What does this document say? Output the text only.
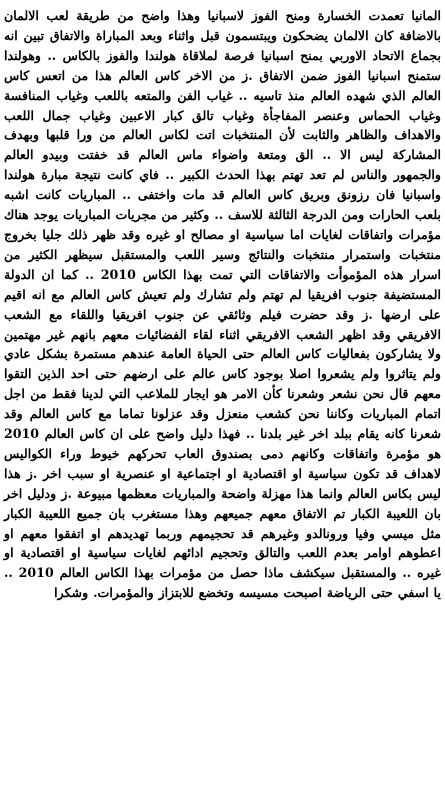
المانيا تعمدت الخسارة ومنح الفوز لاسبانيا وهذا واضح من طريقة لعب الالمان بالاضافة كان الالمان يضحكون ويبتسمون قبل واثناء وبعد المباراة والاتفاق تبين انه بجماع الاتحاد الاوربي بمنح اسبانيا فرصة لملاقاة هولندا والفوز بالكاس .. وهولندا ستمنح اسبانيا الفوز ضمن الاتفاق .ز من الاخر كاس العالم هذا من اتعس كاس العالم الذي شهده العالم منذ تاسيه .. غياب الفن والمتعه باللعب وغياب المنافسة وغياب الحماس وعنصر المفاجأة وغياب تالق كبار الاعبين وغياب جمال اللعب والاهداف والظاهر والثابت لأن المنتخبات اتت لكاس العالم من ورا قلبها وبهدف المشاركة ليس الا .. الق ومتعة واضواء ماس العالم قد خفتت وبيدو العالم والجمهور والناس لم تعد تهتم بهذا الحدث الكبير .. فاي كانت نتيجة مبارة هولندا واسبانيا فان رزونق وبريق كاس العالم قد مات واختفى .. المباريات كانت اشبه بلعب الحارات ومن الدرجة الثالثة للاسف .. وكثير من مجريات المباريات يوجد هناك مؤمرات واتفاقات لغايات اما سياسية او مصالح او غيره وقد ظهر ذلك جليا بخروج منتخبات واستمرار منتخبات والنتائج وسير اللعب والمستقبل سيظهر الكثير من اسرار هذه المؤموأت والاتفاقات التي تمت بهذا الكاس 2010 .. كما ان الدولة المستضيفة جنوب افريقيا لم تهتم ولم تشارك ولم تعيش كاس العالم مع انه اقيم على ارضها .ز وقد حضرت فيلم وثائقي عن جنوب افريقيا واللقاء مع الشعب الافريقي وقد اظهر الشعب الافريقي اثناء لقاء الفضائيات معهم بانهم غير مهتمين ولا يشاركون بفعاليات كاس العالم حتى الحياة العامة عندهم مستمرة بشكل عادي ولم يتاثروا ولم يشعروا اصلا بوجود كاس عالم على ارضهم حتى احد الذين التقوا معهم قال نحن نشعر وشعرنا كأن الامر هو ايجار للملاعب التي لدينا فقط من اجل اتمام المباريات وكاننا نحن كشعب منعزل وقد عزلونا تماما مع كاس العالم وقد شعرنا كانه يقام ببلد اخر غير بلدنا .. فهذا دليل واضح على ان كاس العالم 2010 هو مؤمرة واتفاقات وكانهم دمى بصندوق العاب تحركهم خيوط وراء الكواليس لاهداف قد تكون سياسية او اقتصادية او اجتماعية او عنصرية او سبب اخر .ز هذا ليس بكاس العالم وانما هذا مهزلة واضحة والمباريات معظمها مبيوعة .ز ودليل اخر بان اللعيبة الكبار تم الاتفاق معهم جميعهم وهذا مستغرب بان جميع اللعيبة الكبار مثل ميسي وفيا ورونالدو وغيرهم قد تحجيمهم وربما تهديدهم او اتفقوا معهم او اعطوهم اوامر بعدم اللعب والتالق وتحجيم ادائهم لغايات سياسية او اقتصادية او غيره .. والمستقبل سيكشف ماذا حصل من مؤمرات بهذا الكاس العالم 2010 .. يا اسفي حتى الرياضة اصبحت مسيسه وتخضع للابتزاز والمؤمرات. وشكرا
